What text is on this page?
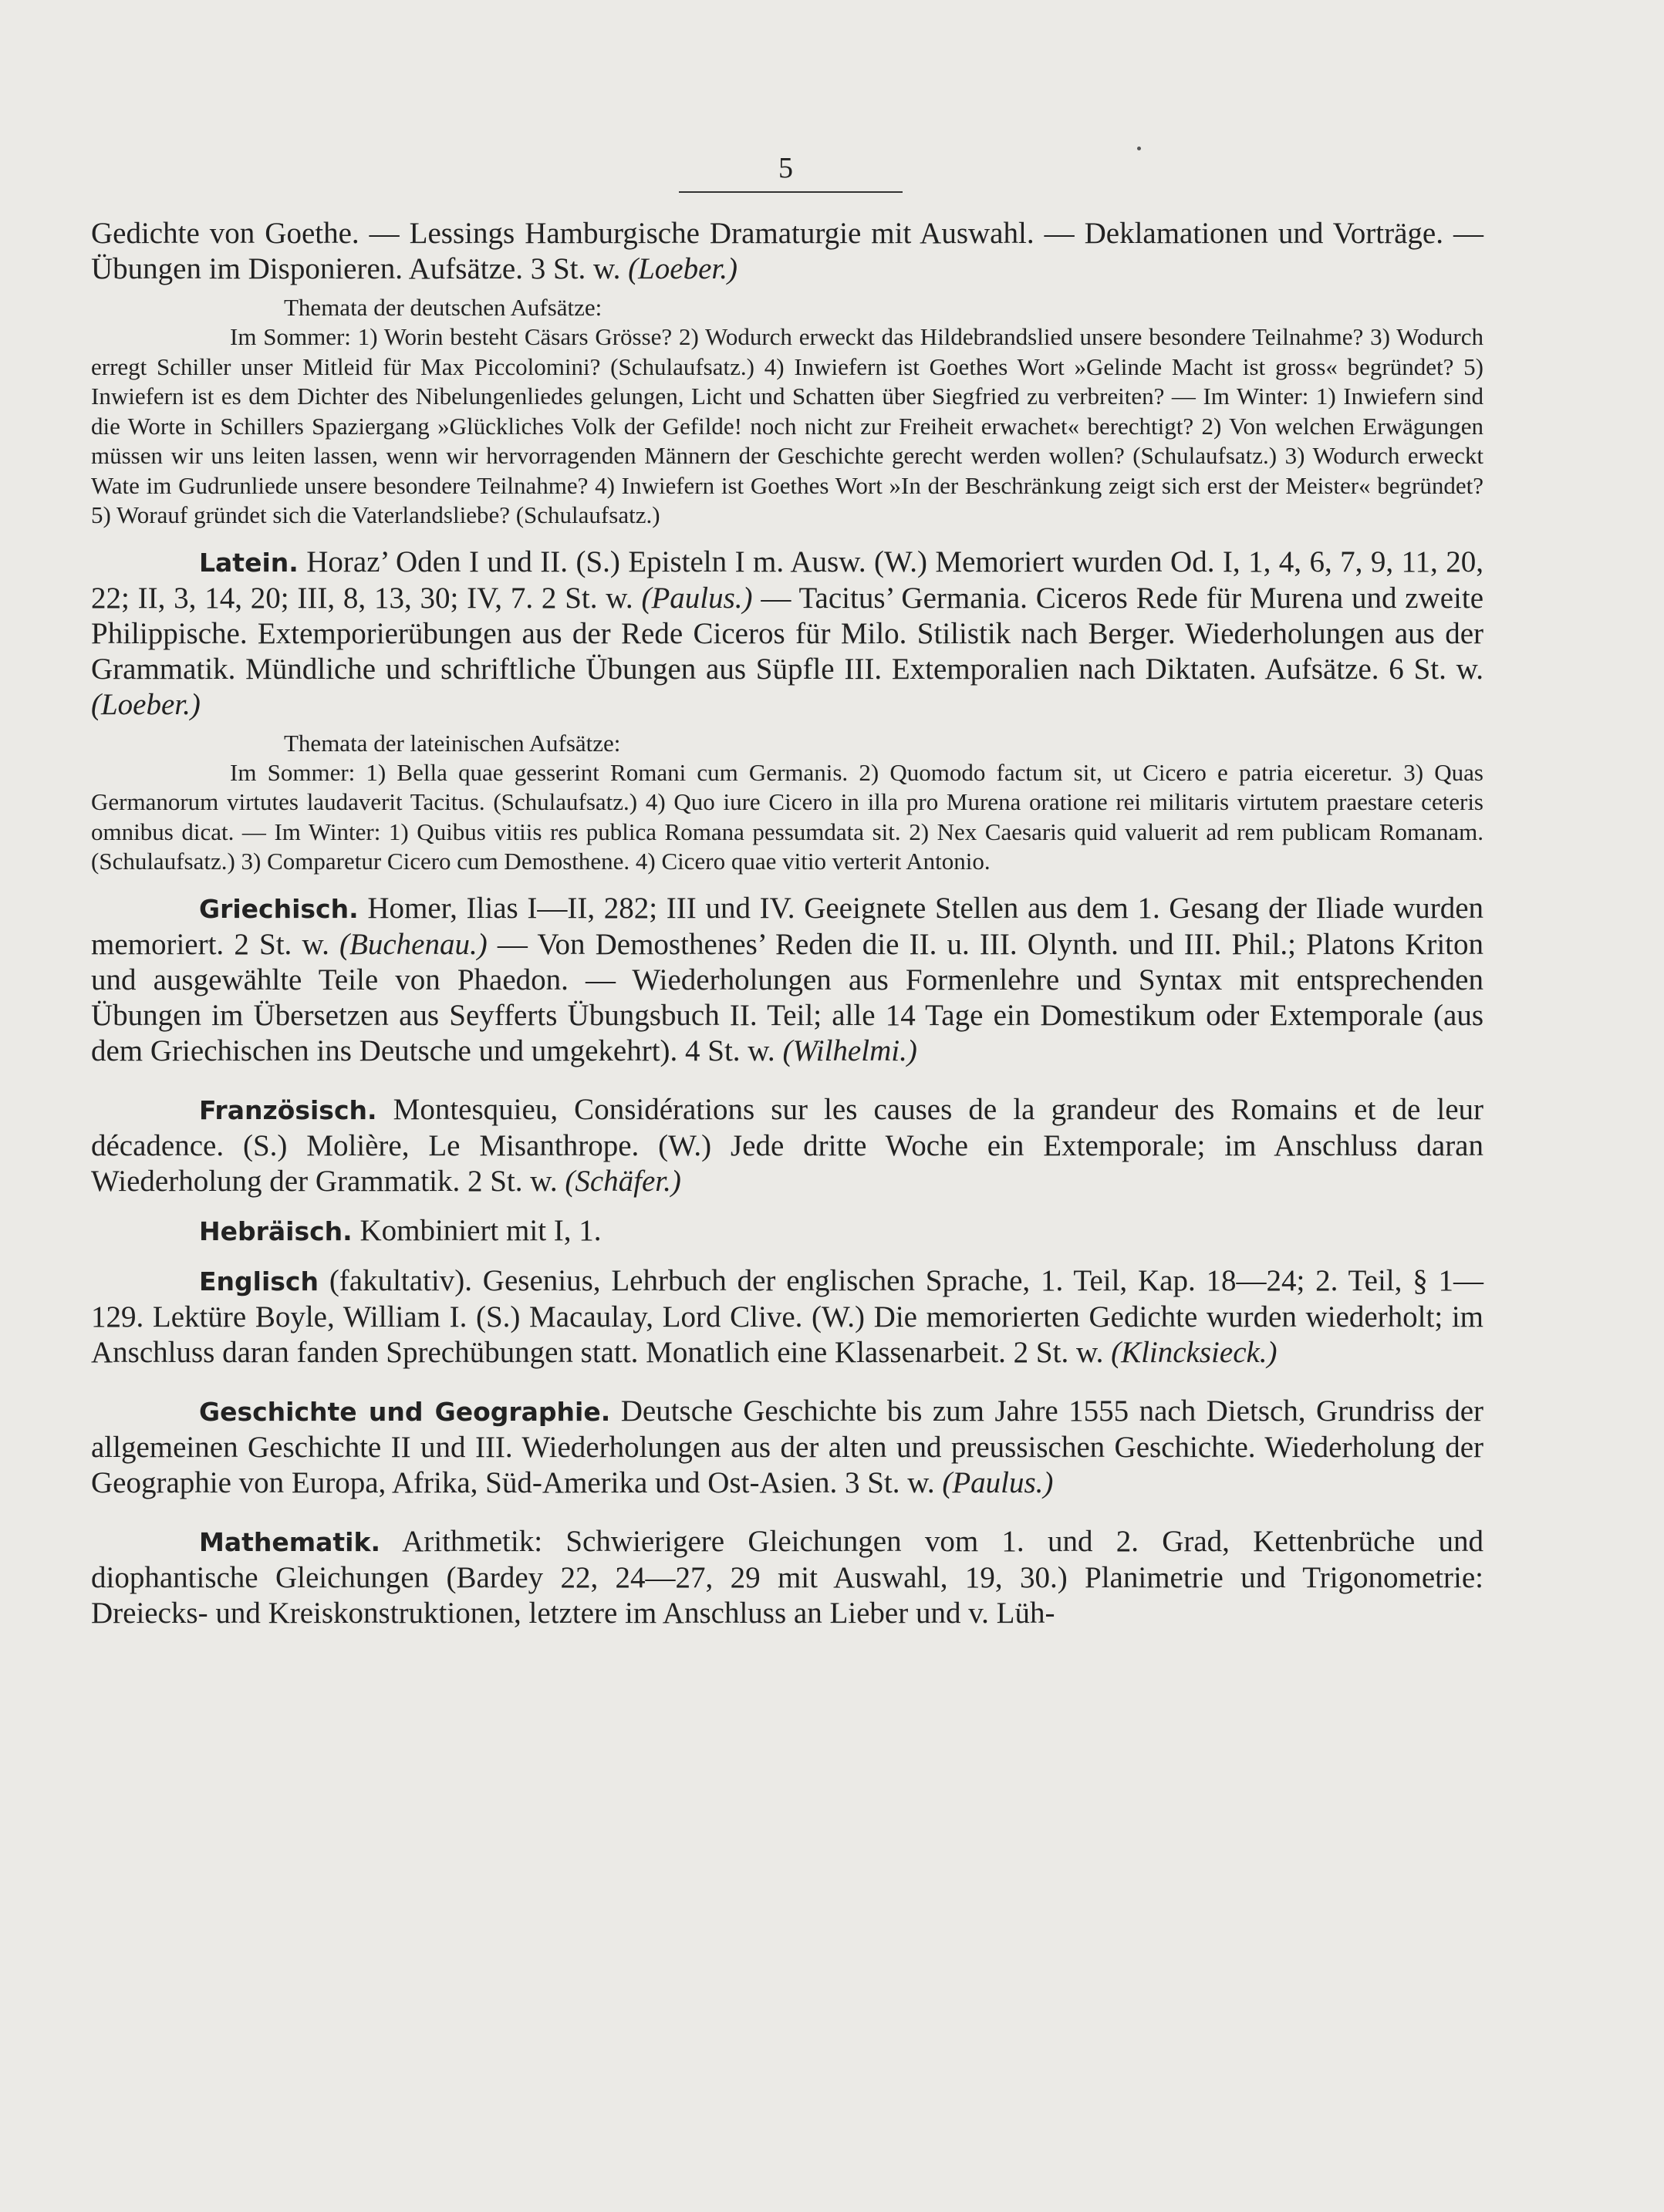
5

Gedichte von Goethe. — Lessings Hamburgische Dramaturgie mit Auswahl. — Deklamationen und Vorträge. — Übungen im Disponieren. Aufsätze. 3 St. w. (Loeber.)

Themata der deutschen Aufsätze:

Im Sommer: 1) Worin besteht Cäsars Grösse? 2) Wodurch erweckt das Hildebrandslied unsere besondere Teilnahme? 3) Wodurch erregt Schiller unser Mitleid für Max Piccolomini? (Schulaufsatz.) 4) Inwiefern ist Goethes Wort »Gelinde Macht ist gross« begründet? 5) Inwiefern ist es dem Dichter des Nibelungenliedes gelungen, Licht und Schatten über Siegfried zu verbreiten? — Im Winter: 1) Inwiefern sind die Worte in Schillers Spaziergang »Glückliches Volk der Gefilde! noch nicht zur Freiheit erwachet« berechtigt? 2) Von welchen Erwägungen müssen wir uns leiten lassen, wenn wir hervorragenden Männern der Geschichte gerecht werden wollen? (Schulaufsatz.) 3) Wodurch erweckt Wate im Gudrunliede unsere besondere Teilnahme? 4) Inwiefern ist Goethes Wort »In der Beschränkung zeigt sich erst der Meister« begründet? 5) Worauf gründet sich die Vaterlandsliebe? (Schulaufsatz.)

Latein. Horaz’ Oden I und II. (S.) Episteln I m. Ausw. (W.) Memoriert wurden Od. I, 1, 4, 6, 7, 9, 11, 20, 22; II, 3, 14, 20; III, 8, 13, 30; IV, 7. 2 St. w. (Paulus.) — Tacitus’ Germania. Ciceros Rede für Murena und zweite Philippische. Extemporierübungen aus der Rede Ciceros für Milo. Stilistik nach Berger. Wiederholungen aus der Grammatik. Mündliche und schriftliche Übungen aus Süpfle III. Extemporalien nach Diktaten. Aufsätze. 6 St. w. (Loeber.)

Themata der lateinischen Aufsätze:

Im Sommer: 1) Bella quae gesserint Romani cum Germanis. 2) Quomodo factum sit, ut Cicero e patria eiceretur. 3) Quas Germanorum virtutes laudaverit Tacitus. (Schulaufsatz.) 4) Quo iure Cicero in illa pro Murena oratione rei militaris virtutem praestare ceteris omnibus dicat. — Im Winter: 1) Quibus vitiis res publica Romana pessumdata sit. 2) Nex Caesaris quid valuerit ad rem publicam Romanam. (Schulaufsatz.) 3) Comparetur Cicero cum Demosthene. 4) Cicero quae vitio verterit Antonio.

Griechisch. Homer, Ilias I—II, 282; III und IV. Geeignete Stellen aus dem 1. Gesang der Iliade wurden memoriert. 2 St. w. (Buchenau.) — Von Demosthenes’ Reden die II. u. III. Olynth. und III. Phil.; Platons Kriton und ausgewählte Teile von Phaedon. — Wiederholungen aus Formenlehre und Syntax mit entsprechenden Übungen im Übersetzen aus Seyfferts Übungsbuch II. Teil; alle 14 Tage ein Domestikum oder Extemporale (aus dem Griechischen ins Deutsche und umgekehrt). 4 St. w. (Wilhelmi.)

Französisch. Montesquieu, Considérations sur les causes de la grandeur des Romains et de leur décadence. (S.) Molière, Le Misanthrope. (W.) Jede dritte Woche ein Extemporale; im Anschluss daran Wiederholung der Grammatik. 2 St. w. (Schäfer.)

Hebräisch. Kombiniert mit I, 1.

Englisch (fakultativ). Gesenius, Lehrbuch der englischen Sprache, 1. Teil, Kap. 18—24; 2. Teil, § 1—129. Lektüre Boyle, William I. (S.) Macaulay, Lord Clive. (W.) Die memorierten Gedichte wurden wiederholt; im Anschluss daran fanden Sprechübungen statt. Monatlich eine Klassenarbeit. 2 St. w. (Klincksieck.)

Geschichte und Geographie. Deutsche Geschichte bis zum Jahre 1555 nach Dietsch, Grundriss der allgemeinen Geschichte II und III. Wiederholungen aus der alten und preussischen Geschichte. Wiederholung der Geographie von Europa, Afrika, Süd-Amerika und Ost-Asien. 3 St. w. (Paulus.)

Mathematik. Arithmetik: Schwierigere Gleichungen vom 1. und 2. Grad, Kettenbrüche und diophantische Gleichungen (Bardey 22, 24—27, 29 mit Auswahl, 19, 30.) Planimetrie und Trigonometrie: Dreiecks- und Kreiskonstruktionen, letztere im Anschluss an Lieber und v. Lüh-
